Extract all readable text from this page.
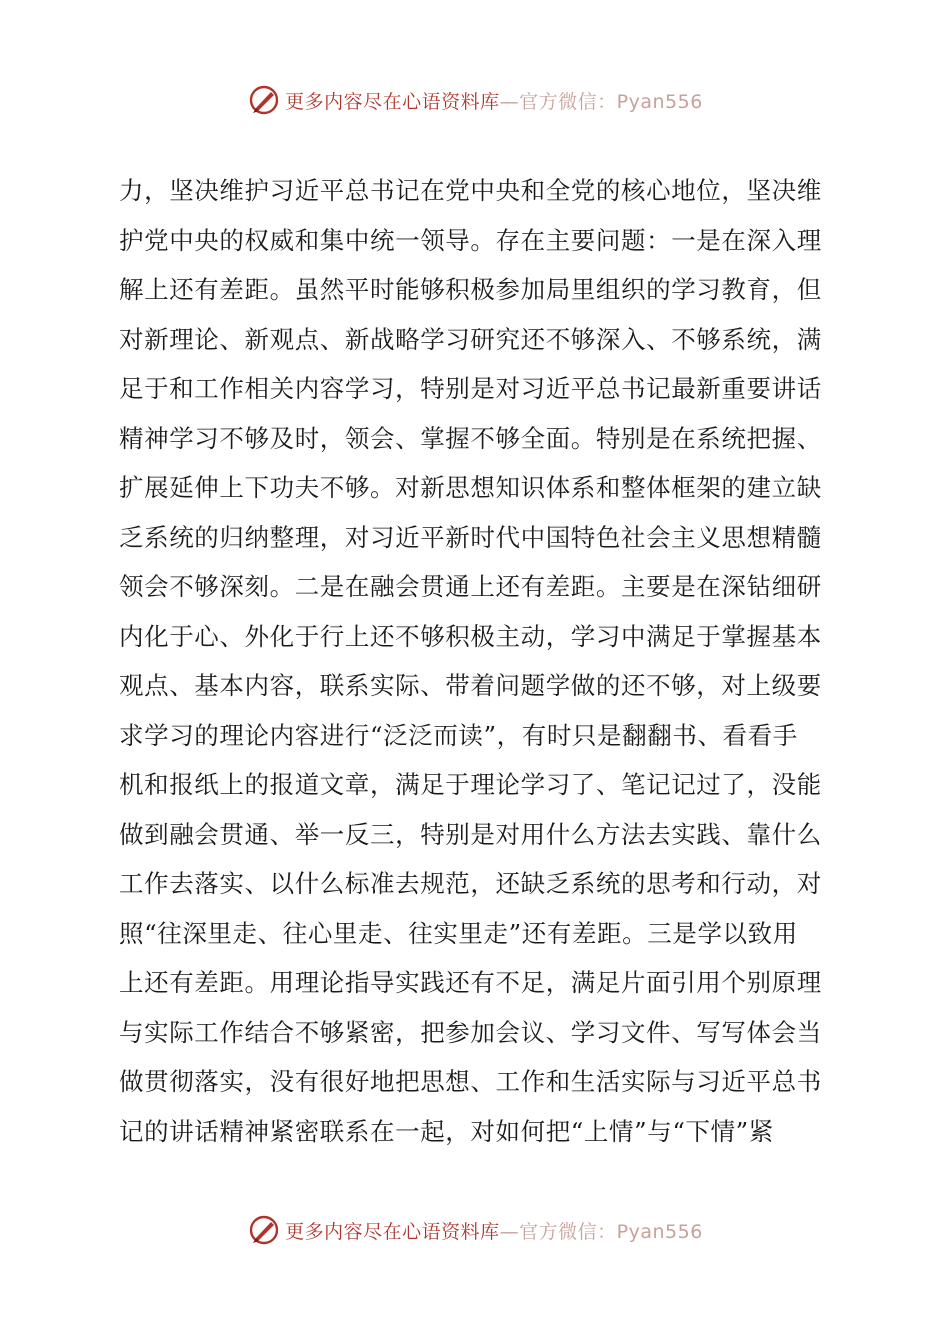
更多内容尽在心语资料库—官方微信：Pyan556
力，坚决维护习近平总书记在党中央和全党的核心地位，坚决维
护党中央的权威和集中统一领导。存在主要问题：一是在深入理
解上还有差距。虽然平时能够积极参加局里组织的学习教育，但
对新理论、新观点、新战略学习研究还不够深入、不够系统，满
足于和工作相关内容学习，特别是对习近平总书记最新重要讲话
精神学习不够及时，领会、掌握不够全面。特别是在系统把握、
扩展延伸上下功夫不够。对新思想知识体系和整体框架的建立缺
乏系统的归纳整理，对习近平新时代中国特色社会主义思想精髓
领会不够深刻。二是在融会贯通上还有差距。主要是在深钻细研
内化于心、外化于行上还不够积极主动，学习中满足于掌握基本
观点、基本内容，联系实际、带着问题学做的还不够，对上级要
求学习的理论内容进行“泛泛而读”，有时只是翻翻书、看看手
机和报纸上的报道文章，满足于理论学习了、笔记记过了，没能
做到融会贯通、举一反三，特别是对用什么方法去实践、靠什么
工作去落实、以什么标准去规范，还缺乏系统的思考和行动，对
照“往深里走、往心里走、往实里走”还有差距。三是学以致用
上还有差距。用理论指导实践还有不足，满足片面引用个别原理
与实际工作结合不够紧密，把参加会议、学习文件、写写体会当
做贯彻落实，没有很好地把思想、工作和生活实际与习近平总书
记的讲话精神紧密联系在一起，对如何把“上情”与“下情”紧
更多内容尽在心语资料库—官方微信：Pyan556
